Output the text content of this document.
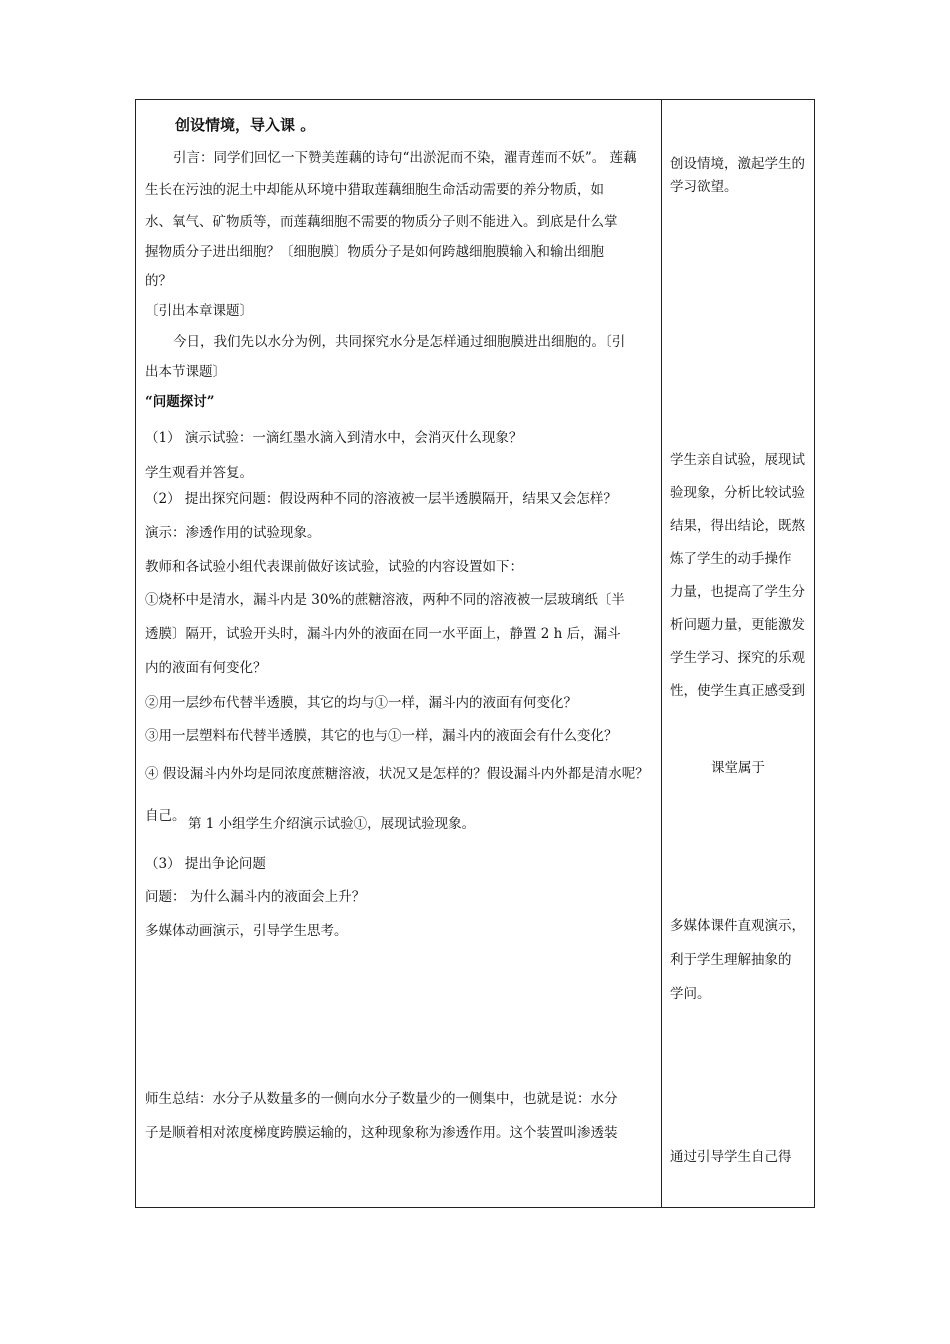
创设情境，导入课 。
引言：同学们回忆一下赞美莲藕的诗句“出淤泥而不染，濯青莲而不妖”。 莲藕
生长在污浊的泥土中却能从环境中猎取莲藕细胞生命活动需要的养分物质，如
水、氧气、矿物质等，而莲藕细胞不需要的物质分子则不能进入。到底是什么掌
握物质分子进出细胞？〔细胞膜〕物质分子是如何跨越细胞膜输入和输出细胞
的？
〔引出本章课题〕
今日，我们先以水分为例，共同探究水分是怎样通过细胞膜进出细胞的。〔引
出本节课题〕
“问题探讨”
（1） 演示试验：一滴红墨水滴入到清水中，会消灭什么现象？
学生观看并答复。
（2） 提出探究问题：假设两种不同的溶液被一层半透膜隔开，结果又会怎样？
演示：渗透作用的试验现象。
教师和各试验小组代表课前做好该试验，试验的内容设置如下：
①烧杯中是清水，漏斗内是 30%的蔗糖溶液，两种不同的溶液被一层玻璃纸〔半
透膜〕隔开，试验开头时，漏斗内外的液面在同一水平面上，静置 2 h 后，漏斗
内的液面有何变化？
②用一层纱布代替半透膜，其它的均与①一样，漏斗内的液面有何变化？
③用一层塑料布代替半透膜，其它的也与①一样，漏斗内的液面会有什么变化？
④ 假设漏斗内外均是同浓度蔗糖溶液，状况又是怎样的？假设漏斗内外都是清水呢？
自己。 第 1 小组学生介绍演示试验①，展现试验现象。
（3） 提出争论问题
问题： 为什么漏斗内的液面会上升？
多媒体动画演示，引导学生思考。
师生总结：水分子从数量多的一侧向水分子数量少的一侧集中，也就是说：水分
子是顺着相对浓度梯度跨膜运输的，这种现象称为渗透作用。这个装置叫渗透装
创设情境，激起学生的
学习欲望。
学生亲自试验，展现试
验现象，分析比较试验
结果，得出结论，既熬
炼了学生的动手操作
力量，也提高了学生分
析问题力量，更能激发
学生学习、探究的乐观
性，使学生真正感受到
课堂属于
多媒体课件直观演示，
利于学生理解抽象的
学问。
通过引导学生自己得
